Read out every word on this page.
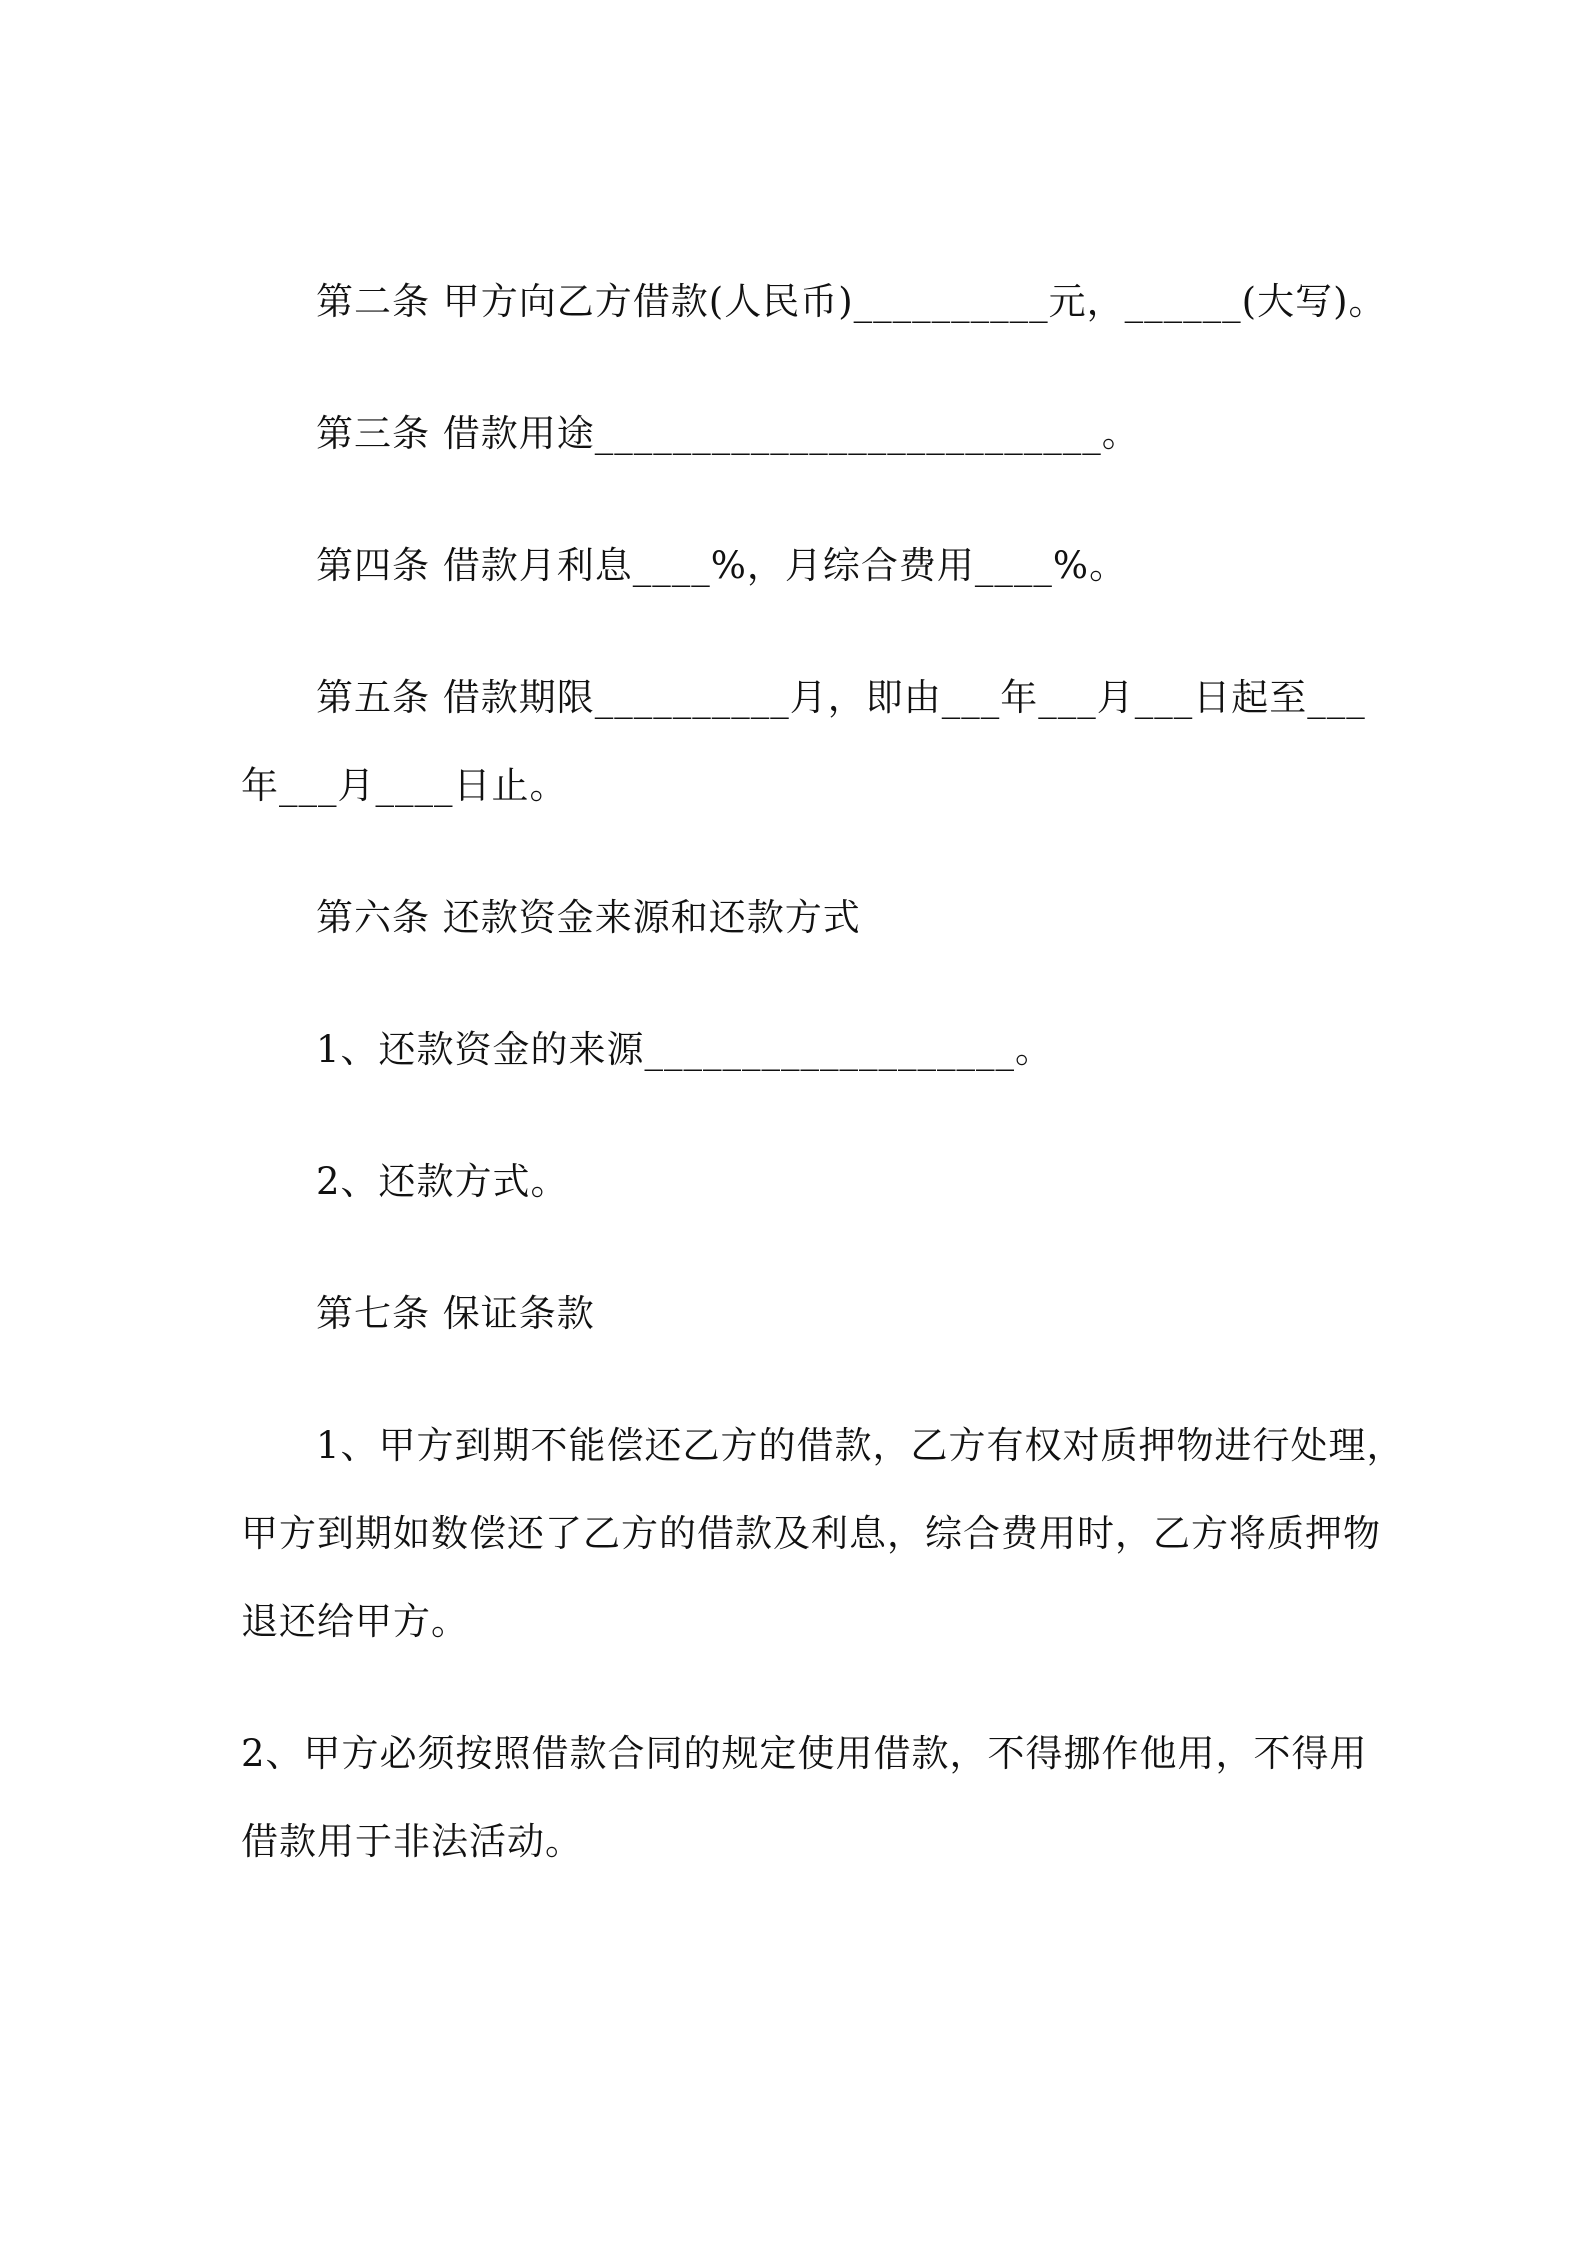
第二条 甲方向乙方借款(人民币)__________元，______(大写)。

第三条 借款用途__________________________。

第四条 借款月利息____%，月综合费用____%。

第五条 借款期限__________月，即由___年___月___日起至___

年___月____日止。

第六条 还款资金来源和还款方式

1、还款资金的来源___________________。

2、还款方式。

第七条 保证条款

1、甲方到期不能偿还乙方的借款，乙方有权对质押物进行处理，

甲方到期如数偿还了乙方的借款及利息，综合费用时，乙方将质押物

退还给甲方。

2、甲方必须按照借款合同的规定使用借款，不得挪作他用，不得用

借款用于非法活动。
